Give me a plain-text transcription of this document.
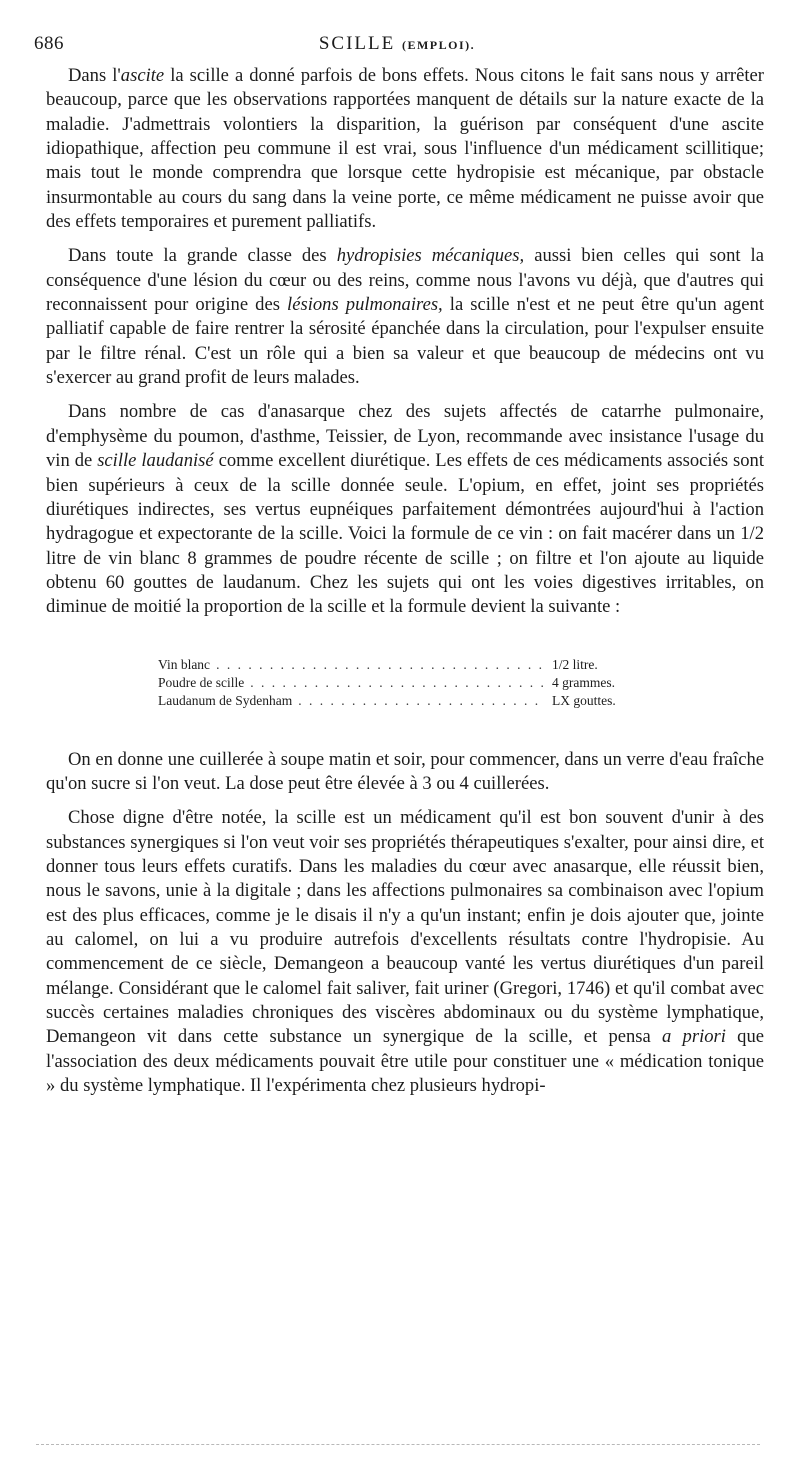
686	SCILLE (EMPLOI).

Dans l'ascite la scille a donné parfois de bons effets. Nous citons le fait sans nous y arrêter beaucoup, parce que les observations rapportées manquent de détails sur la nature exacte de la maladie. J'admettrais volontiers la disparition, la guérison par conséquent d'une ascite idiopathique, affection peu commune il est vrai, sous l'influence d'un médicament scillitique; mais tout le monde comprendra que lorsque cette hydropisie est mécanique, par obstacle insurmontable au cours du sang dans la veine porte, ce même médicament ne puisse avoir que des effets temporaires et purement palliatifs.

Dans toute la grande classe des hydropisies mécaniques, aussi bien celles qui sont la conséquence d'une lésion du cœur ou des reins, comme nous l'avons vu déjà, que d'autres qui reconnaissent pour origine des lésions pulmonaires, la scille n'est et ne peut être qu'un agent palliatif capable de faire rentrer la sérosité épanchée dans la circulation, pour l'expulser ensuite par le filtre rénal. C'est un rôle qui a bien sa valeur et que beaucoup de médecins ont vu s'exercer au grand profit de leurs malades.

Dans nombre de cas d'anasarque chez des sujets affectés de catarrhe pulmonaire, d'emphysème du poumon, d'asthme, Teissier, de Lyon, recommande avec insistance l'usage du vin de scille laudanisé comme excellent diurétique. Les effets de ces médicaments associés sont bien supérieurs à ceux de la scille donnée seule. L'opium, en effet, joint ses propriétés diurétiques indirectes, ses vertus eupnéiques parfaitement démontrées aujourd'hui à l'action hydragogue et expectorante de la scille. Voici la formule de ce vin : on fait macérer dans un 1/2 litre de vin blanc 8 grammes de poudre récente de scille ; on filtre et l'on ajoute au liquide obtenu 60 gouttes de laudanum. Chez les sujets qui ont les voies digestives irritables, on diminue de moitié la proportion de la scille et la formule devient la suivante :

Vin blanc . . .	1/2 litre.
Poudre de scille . . .	4 grammes.
Laudanum de Sydenham . . .	LX gouttes.

On en donne une cuillerée à soupe matin et soir, pour commencer, dans un verre d'eau fraîche qu'on sucre si l'on veut. La dose peut être élevée à 3 ou 4 cuillerées.

Chose digne d'être notée, la scille est un médicament qu'il est bon souvent d'unir à des substances synergiques si l'on veut voir ses propriétés thérapeutiques s'exalter, pour ainsi dire, et donner tous leurs effets curatifs. Dans les maladies du cœur avec anasarque, elle réussit bien, nous le savons, unie à la digitale ; dans les affections pulmonaires sa combinaison avec l'opium est des plus efficaces, comme je le disais il n'y a qu'un instant; enfin je dois ajouter que, jointe au calomel, on lui a vu produire autrefois d'excellents résultats contre l'hydropisie. Au commencement de ce siècle, Demangeon a beaucoup vanté les vertus diurétiques d'un pareil mélange. Considérant que le calomel fait saliver, fait uriner (Gregori, 1746) et qu'il combat avec succès certaines maladies chroniques des viscères abdominaux ou du système lymphatique, Demangeon vit dans cette substance un synergique de la scille, et pensa a priori que l'association des deux médicaments pouvait être utile pour constituer une « médication tonique » du système lymphatique. Il l'expérimenta chez plusieurs hydropi-
